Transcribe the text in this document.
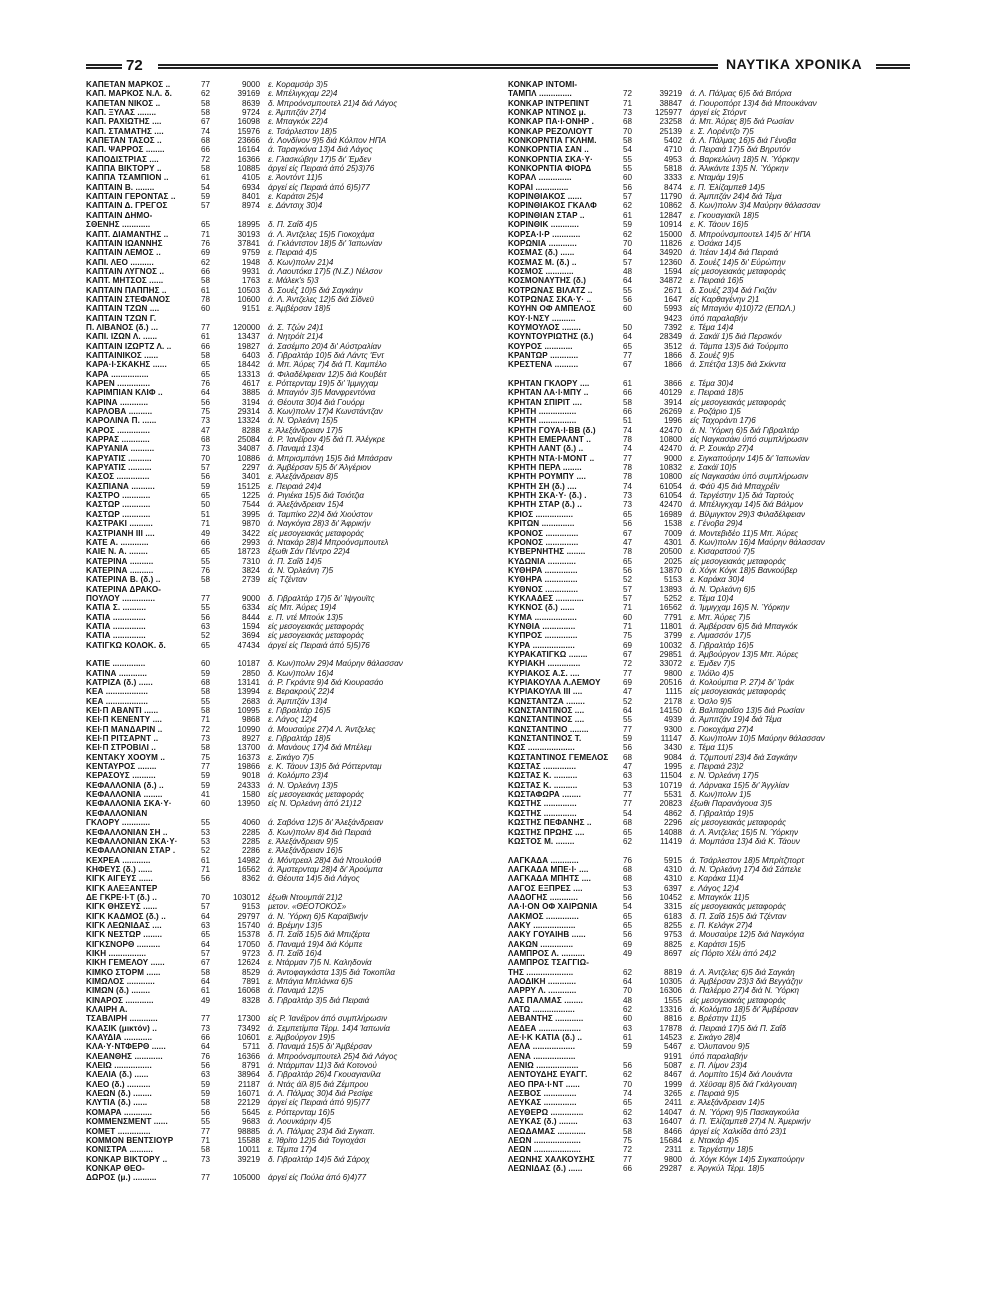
72	ΝΑΥΤΙΚΑ ΧΡΟΝΙΚΑ
ΚΑΠΕΤΑΝ ΜΑΡΚΟΣ ..	77	9000 ε. Κοραμσάρ 3)5
ΚΑΠ. ΜΑΡΚΟΣ Ν.Λ. δ.	62	39169 ε. Μπέλιγκχαμ 22)4
ΚΑΠΕΤΑΝ ΝΙΚΟΣ ..	58	8639 δ. Μπροόνσμπουτελ 21)4 διά Λάγος
ΚΑΠ. ΞΥΛΑΣ ........	58	9724 ε. Άμπιτζάν 27)4
ΚΑΠ. ΡΑΧΙΩΤΗΣ ....	67	16098 ε. Μπαγκόκ 22)4
ΚΑΠ. ΣΤΑΜΑΤΗΣ ....	74	15976 ε. Τσάρλεστον 18)5
ΚΑΠΕΤΑΝ ΤΑΣΟΣ ..	68	23666 ά. Λονδίνον 9)5 διά Κόλπον ΗΠΑ
ΚΑΠ. ΨΑΡΡΟΣ ........	66	16164 ά. Ταραγκόνα 13)4 διά Λάγος
ΚΑΠΟΔΙΣΤΡΙΑΣ ....	72	16366 ε. Γλασκώβην 17)5 δι' Έμδεν
ΚΑΠΠΑ ΒΙΚΤΟΡΥ ..	58	10885 άργεί είς Πειραιά άπό 25)3)76
ΚΑΠΠΑ ΤΣΑΜΠΙΟΝ ..	61	4105 ε. Άοντόντ 11)5
ΚΑΠΤΑΙΝ Β. ........	54	6934 άργεί είς Πειραιά άπό 6)5)77
ΚΑΠΤΑΙΝ ΓΕΡΟΝΤΑΣ ..	59	8401 ε. Καράτσι 25)4
ΚΑΠΤΑΙΝ Δ. ΓΡΕΓΟΣ	57	8974 ε. Δάντσιχ 30)4
ΚΑΠΤΑΙΝ ΔΗΜΟ-
ΣΘΕΝΗΣ ............	65	18995 δ. Π. Σαΐδ 4)5
ΚΑΠΤ. ΔΙΑΜΑΝΤΗΣ ..	71	30193 ά. Λ. Άντζελες 15)5 Γιοκοχάμα
ΚΑΠΤΑΙΝ ΙΩΑΝΝΗΣ	76	37841 ά. Γκλάντστον 18)5 δι' Ίαπωνίαν
ΚΑΠΤΑΙΝ ΛΕΜΟΣ ..	69	9759 ε. Πειραιά 4)5
ΚΑΠΙ. ΛΕΟ ..........	62	1948 δ. Κων)πολιν 21)4
ΚΑΠΤΑΙΝ ΛΥΓΝΟΣ ..	66	9931 ά. Λαουτόκα 17)5 (Ν.Ζ.) Νέλσον
ΚΑΠΤ. ΜΗΤΣΟΣ ......	58	1763 ε. Μάλεκ's 5)3
ΚΑΠΤΑΙΝ ΠΑΠΠΗΣ ..	61	10503 δ. Σουέζ 10)5 διά Σαγκάην
ΚΑΠΤΑΙΝ ΣΤΕΦΑΝΟΣ	78	10600 ά. Λ. Άντζελες 12)5 διά Σίδνεϋ
ΚΑΠΤΑΙΝ ΤΖΩΝ ....	60	9151 ε. Άμβέρσαν 18)5
ΚΑΠΤΑΙΝ ΤΖΩΝ Γ.
Π. ΛΙΒΑΝΟΣ (δ.) ...	77	120000 ά. Σ. Τζών 24)1
ΚΑΠΙ. ΙΖΩΝ Λ. ......	61	13437 ά. Νητρόίτ 21)4
ΚΑΠΤΑΙΝ ΙΖΩΡΤΖ Λ. ..	66	19827 ά. Σασέμπο 20)4 δι' Αύστραλίαν
ΚΑΠΤΑΙΝΙΚΟΣ ......	58	6403 δ. Γιβραλτάρ 10)5 διά Λάντς 'Εντ
ΚΑΡΑ·Ι·ΣΚΑΚΗΣ ......	65	18442 ά. Μπ. Άύρες 7)4 διά Π. Καμπέλο
ΚΑΡΑ ................	65	13313 ά. Φιλαδέλφειαν 12)5 διά Κουβέιτ
ΚΑΡΕΝ ..............	76	4617 ε. Ρόττερνταμ 19)5 δι' Ίμμιγχαμ
ΚΑΡΙΜΠΙΑΝ ΚΛΙΦ ..	64	3885 ά. Μπαγιόν 3)5 Μανφρεντόνια
ΚΑΡΙΝΑ ............	56	3194 ά. Θέουτα 30)4 διά Γουόρμ
ΚΑΡΛΟΒΑ ..........	75	29314 δ. Κων)πολιν 17)4 Κωνστάντζαν
ΚΑΡΟΛΙΝΑ Π. ......	73	13324 ά. Ν. Όρλεάνη 15)5
ΚΑΡΟΣ ..............	47	8288 ε. Άλεξάνδρειαν 17)5
ΚΑΡΡΑΣ ............	68	25084 ά. Ρ. Ίανέϊρον 4)5 διά Π. Άλέγκρε
ΚΑΡΥΑΝΙΑ ..........	73	34087 δ. Παναμά 13)4
ΚΑΡΥΑΤΙΣ ..........	70	10886 ά. Μπρισμπάνη 15)5 διά Μπάσραν
ΚΑΡΥΑΤΙΣ ..........	57	2297 ά. Άμβέρσαν 5)5 δι' Άλγέριον
ΚΑΣΟΣ ..............	56	3401 ε. Άλεξάνδρειαν 8)5
ΚΑΣΠΙΑΝΑ ..........	59	15125 ε. Πειραιά 24)4
ΚΑΣΤΡΟ ............	65	1225 ά. Ριγιέκα 15)5 διά Τσιότζια
ΚΑΣΤΩΡ ............	50	7544 ά. Άλεξάνδρειαν 15)4
ΚΑΣΤΩΡ ............	51	3995 ά. Ταμπίκο 22)4 διά Χιούστον
ΚΑΣΤΡΑΚΙ ..........	71	9870 ά. Ναγκόγια 28)3 δι' Άφρικήν
ΚΑΣΤΡΙΑΝΗ ΙΙΙ ....	49	3422 είς μεσογειακάς μεταφοράς
ΚΑΤΕ Α. ............	66	2993 ά. Ντακάρ 28)4 Μπροόνσμπουτελ
ΚΑΙΕ Ν. Α. ........	65	18723 έξωθι Σάν Πέντρο 22)4
ΚΑΤΕΡΙΝΑ ..........	55	7310 ά. Π. Σαΐδ 14)5
ΚΑΤΕΡΙΝΑ ..........	76	3824 ά. Ν. Όρλεάνη 7)5
ΚΑΤΕΡΙΝΑ Β. (δ.) ..	58	2739 είς Τζένταν
ΚΑΤΕΡΙΝΑ ΔΡΑΚΟ-
ΠΟΥΛΟΥ ..............	77	9000 δ. Γιβραλτάρ 17)5 δι' Ίψγουϊτς
ΚΑΤΙΑ Σ. ..........	55	6334 είς Μπ. Άύρες 19)4
ΚΑΤΙΑ ..............	56	8444 ε. Π. ντέ Μπούκ 13)5
ΚΑΤΙΑ ..............	63	1594 είς μεσογειακάς μεταφοράς
ΚΑΤΙΑ ..............	52	3694 είς μεσογειακάς μεταφοράς
ΚΑΤΙΓΚΩ ΚΟΛΟΚ. δ.	65	47434 άργεί είς Πειραιά άπό 5)5)76
ΚΑΤΙΕ ..............	60	10187 δ. Κων)πολιν 29)4 Μαύρην θάλασσαν
ΚΑΤΙΝΑ ............	59	2850 δ. Κων)πολιν 16)4
ΚΑΤΡΙΖΑ (δ.) ......	68	13141 ά. Ρ. Γκράντε 9)4 διά Κιουρασάο
ΚΕΑ ..................	58	13994 ε. Βερακρούζ 22)4
ΚΕΑ ..................	55	2683 ά. Άμπιτζάν 13)4
ΚΕΙ·Π ΑΒΑΝΤΙ ......	58	10995 ε. Γιβραλτάρ 16)5
ΚΕΙ·Π ΚΕΝΕΝΤΥ ....	71	9868 ε. Λάγος 12)4
ΚΕΙ·Π ΜΑΝΔΑΡΙΝ ..	72	10990 ά. Μουσαύρε 27)4 Λ. Άντζελες
ΚΕΙ·Π ΡΙΤΣΑΡΝΤ ..	73	8927 ε. Γιβραλτάρ 18)5
ΚΕΙ·Π ΣΤΡΟΒΙΛΙ ..	58	13700 ά. Μανάους 17)4 διά Μπέλεμ
ΚΕΝΤΑΚΥ ΧΟΟΥΜ ..	75	16373 ε. Σικάγο 7)5
ΚΕΝΤΑΥΡΟΣ ........	77	19866 ε. Κ. Τάουν 13)5 διά Ρόττερνταμ
ΚΕΡΑΣΟΥΣ ..........	59	9018 ά. Κολόμπο 23)4
ΚΕΦΑΛΛΟΝΙΑ (δ.) ..	59	24333 ά. Ν. Όρλεάνη 13)5
ΚΕΦΑΛΛΟΝΙΑ ........	41	1580 είς μεσογειακάς μεταφοράς
ΚΕΦΑΛΛΟΝΙΑ ΣΚΑ·Υ·	60	13950 είς Ν. Όρλεάνη άπό 21)12
ΚΕΦΑΛΛΟΝΙΑΝ
ΓΚΛΟΡΥ ............	55	4060 ά. Σαβόνα 12)5 δι' Άλεξάνδρειαν
ΚΕΦΑΛΛΟΝΙΑΝ ΣΗ ..	53	2285 δ. Κων)πολιν 8)4 διά Πειραιά
ΚΕΦΑΛΛΟΝΙΑΝ ΣΚΑ·Υ·	53	2285 ε. Άλεξάνδρειαν 9)5
ΚΕΦΑΛΛΟΝΙΑΝ ΣΤΑΡ .	52	2286 ε. Άλεξάνδρειαν 16)5
ΚΕΧΡΕΑ ............	61	14982 ά. Μόντρεαλ 28)4 διά Ντουλούθ
ΚΗΦΕΥΣ (δ.) ......	71	16562 ά. Άμστερνταμ 28)4 δι' Άρούμπα
ΚΙΓΚ ΑΙΓΕΥΣ ......	56	8362 ά. Θέουτα 14)5 διά Λάγος
ΚΙΓΚ ΑΛΕΞΑΝΤΕΡ
ΔΕ ΓΚΡΕ·Ι·Τ (δ.) ..	70	103012 έξωθι Ντουμπάϊ 21)2
ΚΙΓΚ ΘΗΣΕΥΣ ......	57	9153 μετον. «ΘΕΟΤΟΚΟΣ»
ΚΙΓΚ ΚΑΔΜΟΣ (δ.) ..	64	29797 ά. Ν. Ύόρκη 6)5 Καραϊβικήν
ΚΙΓΚ ΛΕΩΝΙΔΑΣ ....	63	15740 ά. Βρέμην 13)5
ΚΙΓΚ ΝΕΣΤΩΡ ........	65	15378 δ. Π. Σαΐδ 15)5 διά Μπιζέρτα
ΚΙΓΚΣΝΟΡΘ ..........	64	17050 δ. Παναμά 19)4 διά Κόμπε
ΚΙΚΗ ................	57	9723 δ. Π. Σαΐδ 16)4
ΚΙΚΗ ΓΕΜΕΛΟΥ ......	67	12624 ε. Ντάρμαν 7)5 Ν. Καληδονία
ΚΙΜΚΟ ΣΤΟΡΜ ......	58	8529 ά. Άντοφαγκάστα 13)5 διά Τοκοπίλα
ΚΙΜΩΛΟΣ ............	64	7891 ε. Μπάγια Μπλάνκα 6)5
ΚΙΜΩΝ (δ.) ........	61	16068 ά. Παναμά 12)5
ΚΙΝΑΡΟΣ ............	49	8328 δ. Γιβραλτάρ 3)5 διά Πειραιά
ΚΛΑΙΡΗ Α.
ΤΣΑΒΛΙΡΗ ............	77	17300 είς Ρ. Ίανέϊρον άπό συμπλήρωσιν
ΚΛΑΣΙΚ (μικτόν) ..	73	73492 ά. Σεμπετίμπα Τέρμ. 14)4 Ίαπωνία
ΚΛΑΥΔΙΑ ............	66	10601 ε. Άμβούργον 19)5
ΚΛΑ·Υ·ΝΤΦΕΡΘ ......	64	5711 δ. Παναμά 15)5 δι' Άμβέρσαν
ΚΛΕΑΝΘΗΣ ............	76	16366 ά. Μπροόνσμπουτελ 25)4 διά Λάγος
ΚΛΕΙΩ ................	56	8791 ά. Ντάρμπαν 11)3 διά Κοτονού
ΚΛΕΛΙΑ (δ.) ......	63	38964 δ. Γιβραλτάρ 26)4 Γκουαγιανίλα
ΚΛΕΟ (δ.) ..........	59	21187 ά. Ντάς άϊλ 8)5 διά Ζέμπρου
ΚΛΕΩΝ (δ.) ........	59	16071 ά. Λ. Πάλμας 30)4 διά Ρεσίφε
ΚΛΥΤΙΑ (δ.) ......	58	22129 άργεί είς Πειραιά άπό 9)5)77
ΚΟΜΑΡΑ ............	56	5645 ε. Ρόττερνταμ 16)5
ΚΟΜΜΕΝΣΜΕΝΤ ......	55	9683 ά. Λουνκάρην 4)5
ΚΟΜΕΤ ..............	77	98885 ά. Λ. Πάλμας 23)4 διά Σιγκαπ.
ΚΟΜΜΟΝ ΒΕΝΤΣΙΟΥΡ	71	15588 ε. Ίθρίτο 12)5 διά Τογιοχάσι
ΚΟΝΙΣΤΡΑ ..........	58	10011 ε. Τέμπα 17)4
ΚΟΝΚΑΡ ΒΙΚΤΟΡΥ ..	73	39219 δ. Γιβραλτάρ 14)5 διά Σάροχ
ΚΟΝΚΑΡ ΘΕΟ-
ΔΩΡΟΣ (μ.) ..........	77	105000 άργεί είς Πούλα άπό 6)4)77
ΚΟΝΚΑΡ ΙΝΤΟΜΙ-
ΤΑΜΠΛ ..............	72	39219 ά. Λ. Πάλμας 6)5 διά Βιτόρια
ΚΟΝΚΑΡ ΙΝΤΡΕΠΙΝΤ	71	38847 ά. Γιουροπόρτ 13)4 διά Μπουκάναν
ΚΟΝΚΑΡ ΝΤΙΝΟΣ μ.	73	125977 άργεί είς Στόρντ
ΚΟΝΚΑΡ ΠΑ·Ι·ΟΝΗΡ .	68	23258 ά. Μπ. Άύρες 8)5 διά Ρωσίαν
ΚΟΝΚΑΡ ΡΕΖΟΛΙΟΥΤ	70	25139 ε. Σ. Λορέντζο 7)5
ΚΟΝΚΟΡΝΤΙΑ ΓΚΛΗΜ.	58	5402 ά. Λ. Πάλμας 16)5 διά Γένοβα
ΚΟΝΚΟΡΝΤΙΑ ΣΑΝ ..	54	4710 ά. Πειραιά 17)5 διά Βηρυτόν
ΚΟΝΚΟΡΝΤΙΑ ΣΚΑ·Υ·	55	4953 ά. Βαρκελώνη 18)5 Ν. Ύόρκην
ΚΟΝΚΟΡΝΤΙΑ ΦΙΟΡΔ	55	5818 ά. Άλικάντε 13)5 Ν. Ύόρκην
ΚΟΡΑΛ ..............	60	3333 ε. Νταμάμ 19)5
ΚΟΡΑΙ ..............	56	8474 ε. Π. Έλίζαμπεθ 14)5
ΚΟΡΙΝΘΙΑΚΟΣ ......	57	11790 ά. Άμπιτζάν 24)4 διά Τέμα
ΚΟΡΙΝΘΙΑΚΟΣ ΓΚΑΛΦ	62	10862 δ. Κων)πολιν 3)4 Μαύρην θάλασσαν
ΚΟΡΙΝΘΙΑΝ ΣΤΑΡ ..	61	12847 ε. Γκουαγιακίλ 18)5
ΚΟΡΙΝΘΙΚ ............	59	10914 ε. Κ. Τάουν 16)5
ΚΟΡΣΑ·Ι·Ρ ............	62	15000 δ. Μπρούνσμπουτελ 14)5 δι' ΗΠΑ
ΚΟΡΩΝΙΑ ............	70	11826 ε. Όσάκα 14)5
ΚΟΣΜΑΣ (δ.) ......	64	34920 ά. Ίτέαν 14)4 διά Πειραιά
ΚΟΣΜΑΣ Μ. (δ.) ..	57	12360 δ. Σουέζ 14)5 δι' Εύρώπην
ΚΟΣΜΟΣ ............	48	1594 είς μεσογειακάς μεταφοράς
ΚΟΣΜΟΝΑΥΤΗΣ (δ.)	64	34872 ε. Πειραιά 16)5
ΚΟΤΡΩΝΑΣ ΒΙΛΑΤΖ ..	55	2671 δ. Σουέζ 23)4 διά Γκιζάν
ΚΟΤΡΩΝΑΣ ΣΚΑ·Υ· ..	56	1647 είς Καρθαγένην 2)1
ΚΟΥΗΝ ΟΦ ΑΜΠΕΛΟΣ	60	5993 είς Μπαγιόν 4)10)72 (ΕΠΩΛ.)
ΚΟΥ·Ι·ΝΣΥ ..........	9423 ύπό παραλαβήν
ΚΟΥΜΟΥΛΟΣ ........	50	7392 ε. Τέμα 14)4
ΚΟΥΝΤΟΥΡΙΩΤΗΣ (δ.)	64	28349 ά. Σακάϊ 1)5 διά Περσικόν
ΚΟΥΡΟΣ ............	65	3512 ά. Τάμπα 13)5 διά Τούρμπο
ΚΡΑΝΤΩΡ ............	77	1866 δ. Σουέζ 9)5
ΚΡΕΣΤΕΝΑ ..........	67	1866 ά. Σπέτζια 13)5 διά Σκίκντα
ΚΡΗΤΑΝ ΓΚΛΟΡΥ ....	61	3866 ε. Τέμα 30)4
ΚΡΗΤΑΝ ΛΑ·Ι·ΜΠΥ ..	66	40129 ε. Πειραιά 18)5
ΚΡΗΤΑΝ ΣΠΙΡΙΤ ....	58	3914 είς μεσογειακάς μεταφοράς
ΚΡΗΤΗ ................	66	26269 ε. Ροζάριο 1)5
ΚΡΗΤΗ ................	51	1996 είς Ταχοράντι 17)6
ΚΡΗΤΗ ΓΟΥΑ·Ι·ΒΒ (δ.)	74	42470 ά. Ν. Ύόρκη 6)5 διά Γιβραλτάρ
ΚΡΗΤΗ ΕΜΕΡΑΛΝΤ ..	78	10800 είς Ναγκασάκι ύπό συμπλήρωσιν
ΚΡΗΤΗ ΛΑΝΤ (δ.) ..	74	42470 ά. Ρ. Σουκάρ 27)4
ΚΡΗΤΗ ΝΤΑ·Ι·ΜΟΝΤ ..	77	9000 ε. Σιγκαπούρην 14)5 δι' Ίαπωνίαν
ΚΡΗΤΗ ΠΕΡΛ ........	78	10832 ε. Σακάϊ 10)5
ΚΡΗΤΗ ΡΟΥΜΠΥ ....	78	10800 είς Ναγκασάκι ύπό συμπλήρωσιν
ΚΡΗΤΗ ΣΗ (δ.) ....	74	61054 ά. Φάϋ 4)5 διά Μπαχρέϊν
ΚΡΗΤΗ ΣΚΑ·Υ· (δ.) .	73	61054 ά. Τεργέστην 1)5 διά Ταρτούς
ΚΡΗΤΗ ΣΤΑΡ (δ.) ..	73	42470 ά. Μπέλιγκχαμ 14)5 διά Βάλμον
ΚΡΙΟΣ ................	65	16989 ά. Βίλμιγκτον 29)3 Φιλαδέλφειαν
ΚΡΙΤΩΝ ..............	56	1538 ε. Γένοβα 29)4
ΚΡΟΝΟΣ ..............	67	7009 ά. Μοντεβιδέο 11)5 Μπ. Άύρες
ΚΡΟΝΟΣ ..............	47	4301 δ. Κων)πολιν 16)4 Μαύρην θάλασσαν
ΚΥΒΕΡΝΗΤΗΣ ........	78	20500 ε. Κισαρατσού 7)5
ΚΥΔΩΝΙΑ ............	65	2025 είς μεσογειακάς μεταφοράς
ΚΥΘΗΡΑ ..............	56	13870 ά. Χόγκ Κόγκ 18)5 Βανκούβερ
ΚΥΘΗΡΑ ..............	52	5153 ε. Καράκα 30)4
ΚΥΘΝΟΣ ..............	57	13893 ά. Ν. Όρλεάνη 6)5
ΚΥΚΛΑΔΕΣ ............	57	5252 ε. Τέμα 10)4
ΚΥΚΝΟΣ (δ.) ......	71	16562 ά. Ίμμιγχαμ 16)5 Ν. Ύόρκην
ΚΥΜΑ ..................	60	7791 ε. Μπ. Άύρες 7)5
ΚΥΝΘΙΑ ..............	71	11801 ά. Άμβέρσαν 6)5 διά Μπαγκόκ
ΚΥΠΡΟΣ ..............	75	3799 ε. Λιμασσόν 17)5
ΚΥΡΑ ..................	69	10032 δ. Γιβραλτάρ 16)5
ΚΥΡΑΚΑΤΙΓΚΩ ........	67	29851 ά. Άμβούργον 13)5 Μπ. Άύρες
ΚΥΡΙΑΚΗ ..............	72	33072 ε. Έμδεν 7)5
ΚΥΡΙΑΚΟΣ Α.Σ. ....	77	9800 ε. Ίλόϊλο 4)5
ΚΥΡΙΑΚΟΥΛΑ Λ.ΛΕΜΟΥ	69	20516 ά. Κολούμπια Ρ. 27)4 δι' Ίράκ
ΚΥΡΙΑΚΟΥΛΑ ΙΙΙ ....	47	1115 είς μεσογειακάς μεταφοράς
ΚΩΝΣΤΑΝΤΖΑ ........	52	2178 ε. Όσλο 9)5
ΚΩΝΣΤΑΝΤΙΝΟΣ ....	64	14150 ά. Βαλπαραΐσο 13)5 διά Ρωσίαν
ΚΩΝΣΤΑΝΤΙΝΟΣ ....	55	4939 ά. Άμπιτζάν 19)4 διά Τέμα
ΚΩΝΣΤΑΝΤΙΝΟ ........	77	9300 ε. Γιοκοχάμα 27)4
ΚΩΝΣΤΑΝΤΙΝΟΣ Τ.	59	11147 δ. Κων)πολιν 10)5 Μαύρην θάλασσαν
ΚΩΣ ....................	56	3430 ε. Τέμα 11)5
ΚΩΣΤΑΝΤΙΝΟΣ ΓΕΜΕΛΟΣ	68	9084 ά. Τζιμπουτί 23)4 διά Σαγκάην
ΚΩΣΤΑΣ ..............	47	1995 ε. Πειραιά 23)2
ΚΩΣΤΑΣ Κ. ..........	63	11504 ε. Ν. Όρλεάνη 17)5
ΚΩΣΤΑΣ Κ. ..........	53	10719 ά. Λάρνακα 15)5 δι' Άγγλίαν
ΚΩΣΤΑΦΩΡΑ ........	77	5531 δ. Κων)πολιν 1)5
ΚΩΣΤΗΣ ..............	77	20823 έξωθι Παρανάγουα 3)5
ΚΩΣΤΗΣ ..............	54	4862 δ. Γιβραλτάρ 19)5
ΚΩΣΤΗΣ ΠΕΦΑΝΗΣ ..	68	2296 είς μεσογειακάς μεταφοράς
ΚΩΣΤΗΣ ΠΡΩΗΣ ....	65	14088 ά. Λ. Άντζελες 15)5 Ν. Ύόρκην
ΚΩΣΤΟΣ Μ. ........	62	11419 ά. Μομπάσα 13)4 διά Κ. Τάουν
ΛΑΓΚΑΔΑ ............	76	5915 ά. Τσάρλεστον 18)5 Μπρίτζπορτ
ΛΑΓΚΑΔΑ ΜΠΕ·Ι· ....	68	4310 ά. Ν. Όρλεάνη 17)4 διά Σάπελε
ΛΑΓΚΑΔΑ ΜΠΗΤΣ ....	68	4310 ε. Καράκα 11)4
ΛΑΓΟΣ ΕΞΠΡΕΣ ....	53	6397 ε. Λάγος 12)4
ΛΑΔΟΓΗΣ ............	56	10452 ε. Μπαγκόκ 11)5
ΛΑ·Ι·ΟΝ ΟΦ ΧΑΙΡΩΝΙΑ	54	3315 είς μεσογειακάς μεταφοράς
ΛΑΚΜΟΣ ..............	65	6183 δ. Π. Σαΐδ 15)5 διά Τζένταν
ΛΑΚΥ ..................	65	8255 ε. Π. Κελάγκ 27)4
ΛΑΚΥ ΓΟΥΑΙΗΒ ......	56	9753 ά. Μουσαύρε 12)5 διά Ναγκόγια
ΛΑΚΩΝ ..............	69	8825 ε. Καράτσι 15)5
ΛΑΜΠΡΟΣ Λ. ..........	49	8697 είς Πόρτο Χέλι άπό 24)2
ΛΑΜΠΡΟΣ ΤΣΑΓΓΙΩ-
ΤΗΣ ....................	62	8819 ά. Λ. Άντζελες 6)5 διά Σαγκάη
ΛΑΟΔΙΚΗ ............	64	10305 ά. Άμβέρσαν 23)3 διά Βεγγάζην
ΛΑΡΡΥ Λ. ............	70	16306 ά. Παλέρμο 27)4 διά Ν. Ύόρκη
ΛΑΣ ΠΑΛΜΑΣ ........	48	1555 είς μεσογειακάς μεταφοράς
ΛΑΤΩ ..................	62	13316 ά. Κολόμπο 18)5 δι' Άμβέρσαν
ΛΕΒΑΝΤΗΣ ............	60	8816 ε. Βρέστην 11)5
ΛΕΔΕΑ ..................	63	17878 ά. Πειραιά 17)5 διά Π. Σαΐδ
ΛΕ·Ι·Κ ΚΑΤΙΑ (δ.) ..	61	14523 ε. Σικάγο 28)4
ΛΕΛΑ ..................	59	5467 ε. Όλυπανου 9)5
ΛΕΝΑ ..................	9191 ύπό παραλαβήν
ΛΕΝΙΩ ..................	56	5087 ε. Π. Λίμον 23)4
ΛΕΝΤΟΥΔΗΣ ΕΥΑΓΓ.	62	8467 ά. Λομπίτο 15)4 διά Λουάντα
ΛΕΟ ΠΡΑ·Ι·ΝΤ ......	70	1999 ά. Χέϋσαμ 8)5 διά Γκάλγουαιη
ΛΕΣΒΟΣ ..............	74	3265 ε. Πειραιά 9)5
ΛΕΥΚΑΣ ..............	65	2411 ε. Άλεξάνδρειαν 14)5
ΛΕΥΘΕΡΩ ..............	62	14047 ά. Ν. Ύόρκη 9)5 Πασκαγκούλα
ΛΕΥΚΑΣ (δ.) ........	63	16407 ά. Π. Έλίζαμπεθ 27)4 Ν. Άμερικήν
ΛΕΩΔΑΜΑΣ ............	58	8466 άργεί είς Χαλκίδα άπό 23)1
ΛΕΩΝ ....................	75	15684 ε. Ντακάρ 4)5
ΛΕΩΝ ....................	72	2311 ε. Τεργέστην 18)5
ΛΕΩΝΗΣ ΧΑΛΚΟΥΣΗΣ	77	9800 ά. Χόγκ Κόγκ 14)5 Σιγκαπούρην
ΛΕΩΝΙΔΑΣ (δ.) ......	66	29287 ε. Άργκύλ Τέρμ. 18)5
